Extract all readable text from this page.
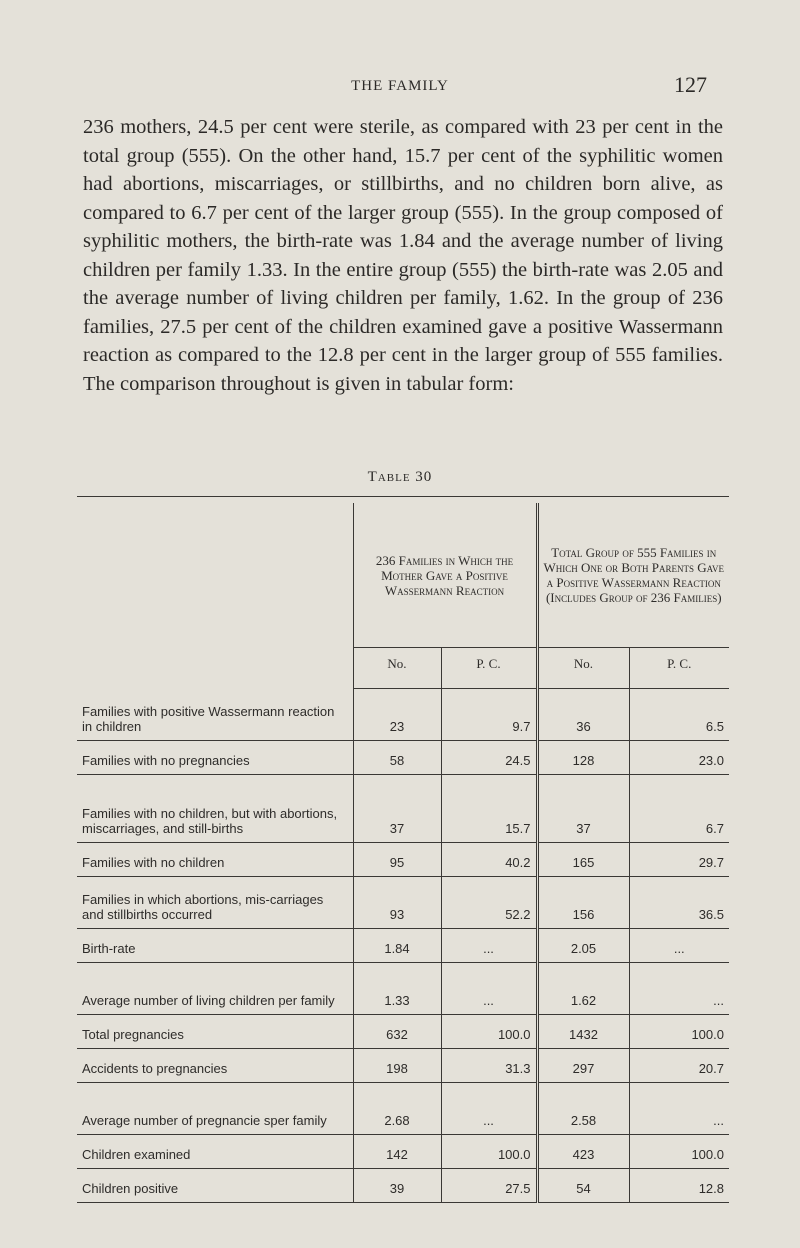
THE FAMILY	127

236 mothers, 24.5 per cent were sterile, as compared with 23 per cent in the total group (555). On the other hand, 15.7 per cent of the syphilitic women had abortions, miscarriages, or stillbirths, and no children born alive, as compared to 6.7 per cent of the larger group (555). In the group composed of syphilitic mothers, the birth-rate was 1.84 and the average number of living children per family 1.33. In the entire group (555) the birth-rate was 2.05 and the average number of living children per family, 1.62. In the group of 236 families, 27.5 per cent of the children examined gave a positive Wassermann reaction as compared to the 12.8 per cent in the larger group of 555 families. The comparison throughout is given in tabular form:

Table 30

	236 Families in Which the Mother Gave a Positive Wassermann Reaction		Total Group of 555 Families in Which One or Both Parents Gave a Positive Wassermann Reaction (Includes Group of 236 Families)	
	No.	P. C.	No.	P. C.
Families with positive Wassermann reaction in children	23	9.7	36	6.5
Families with no pregnancies	58	24.5	128	23.0
Families with no children, but with abortions, miscarriages, and still-births	37	15.7	37	6.7
Families with no children	95	40.2	165	29.7
Families in which abortions, mis-carriages and stillbirths occurred	93	52.2	156	36.5
Birth-rate	1.84	...	2.05	...
Average number of living children per family	1.33	...	1.62	...
Total pregnancies	632	100.0	1432	100.0
Accidents to pregnancies	198	31.3	297	20.7
Average number of pregnancie sper family	2.68	...	2.58	...
Children examined	142	100.0	423	100.0
Children positive	39	27.5	54	12.8
